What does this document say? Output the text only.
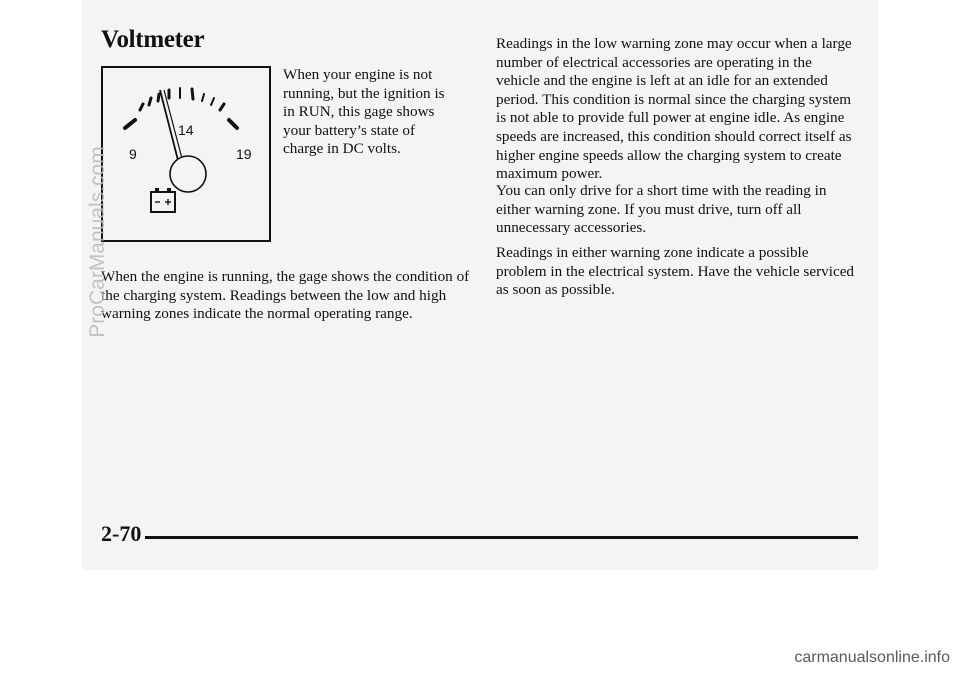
Voltmeter
9
14
19

When your engine is not running, but the ignition is in RUN, this gage shows your battery’s state of charge in DC volts.

When the engine is running, the gage shows the condition of the charging system. Readings between the low and high warning zones indicate the normal operating range.

Readings in the low warning zone may occur when a large number of electrical accessories are operating in the vehicle and the engine is left at an idle for an extended period. This condition is normal since the charging system is not able to provide full power at engine idle. As engine speeds are increased, this condition should correct itself as higher engine speeds allow the charging system to create maximum power.

You can only drive for a short time with the reading in either warning zone. If you must drive, turn off all unnecessary accessories.

Readings in either warning zone indicate a possible problem in the electrical system. Have the vehicle serviced as soon as possible.

2-70
ProCarManuals.com
carmanualsonline.info
